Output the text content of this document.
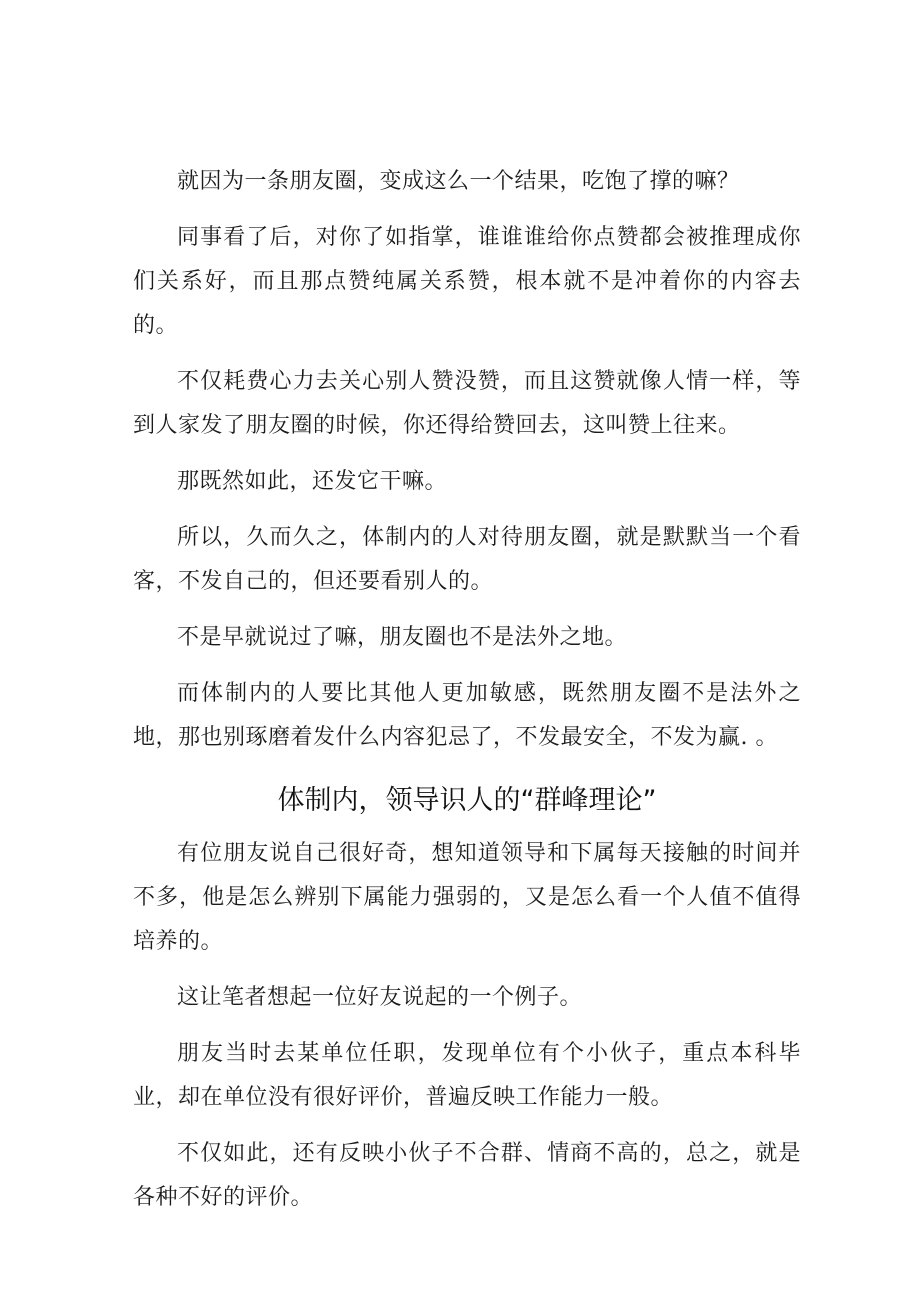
就因为一条朋友圈，变成这么一个结果，吃饱了撑的嘛？

同事看了后，对你了如指掌，谁谁谁给你点赞都会被推理成你们关系好，而且那点赞纯属关系赞，根本就不是冲着你的内容去的。

不仅耗费心力去关心别人赞没赞，而且这赞就像人情一样，等到人家发了朋友圈的时候，你还得给赞回去，这叫赞上往来。

那既然如此，还发它干嘛。

所以，久而久之，体制内的人对待朋友圈，就是默默当一个看客，不发自己的，但还要看别人的。

不是早就说过了嘛，朋友圈也不是法外之地。

而体制内的人要比其他人更加敏感，既然朋友圈不是法外之地，那也别琢磨着发什么内容犯忌了，不发最安全，不发为赢. 。

体制内，领导识人的“群峰理论”

有位朋友说自己很好奇，想知道领导和下属每天接触的时间并不多，他是怎么辨别下属能力强弱的，又是怎么看一个人值不值得培养的。

这让笔者想起一位好友说起的一个例子。

朋友当时去某单位任职，发现单位有个小伙子，重点本科毕业，却在单位没有很好评价，普遍反映工作能力一般。

不仅如此，还有反映小伙子不合群、情商不高的，总之，就是各种不好的评价。
